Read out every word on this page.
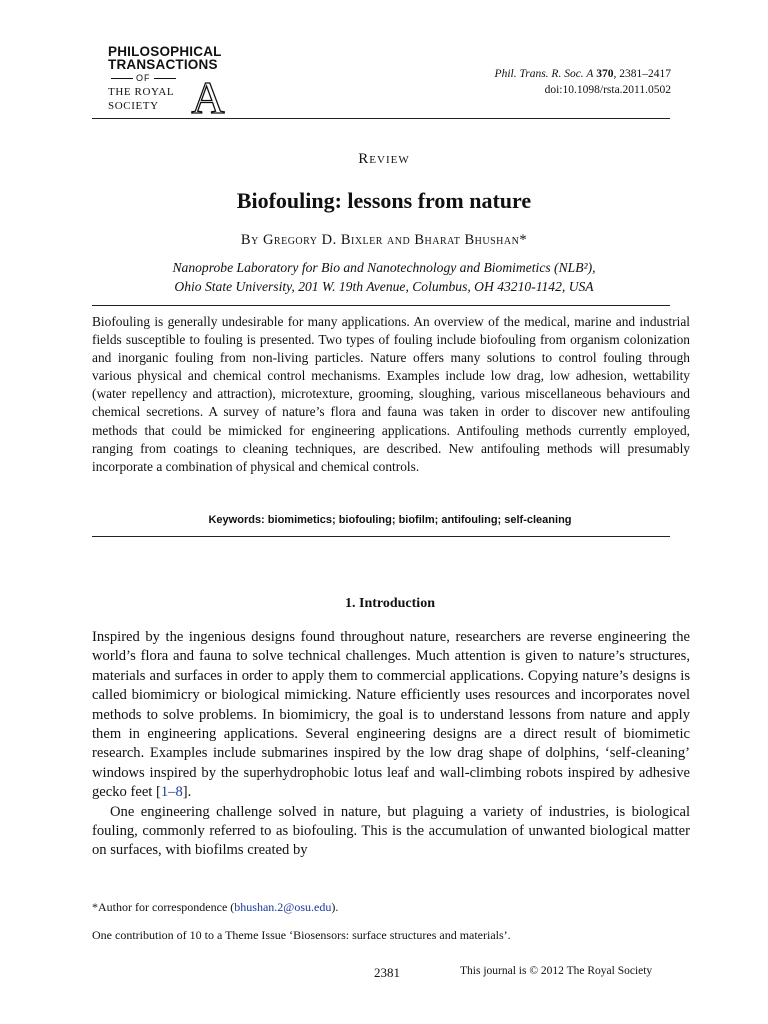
PHILOSOPHICAL
TRANSACTIONS
OF
THE ROYAL
SOCIETY A	Phil. Trans. R. Soc. A 370, 2381–2417
doi:10.1098/rsta.2011.0502
Review
Biofouling: lessons from nature
By Gregory D. Bixler and Bharat Bhushan*
Nanoprobe Laboratory for Bio and Nanotechnology and Biomimetics (NLB²),
Ohio State University, 201 W. 19th Avenue, Columbus, OH 43210-1142, USA
Biofouling is generally undesirable for many applications. An overview of the medical, marine and industrial fields susceptible to fouling is presented. Two types of fouling include biofouling from organism colonization and inorganic fouling from non-living particles. Nature offers many solutions to control fouling through various physical and chemical control mechanisms. Examples include low drag, low adhesion, wettability (water repellency and attraction), microtexture, grooming, sloughing, various miscellaneous behaviours and chemical secretions. A survey of nature’s flora and fauna was taken in order to discover new antifouling methods that could be mimicked for engineering applications. Antifouling methods currently employed, ranging from coatings to cleaning techniques, are described. New antifouling methods will presumably incorporate a combination of physical and chemical controls.
Keywords: biomimetics; biofouling; biofilm; antifouling; self-cleaning
1. Introduction

Inspired by the ingenious designs found throughout nature, researchers are reverse engineering the world’s flora and fauna to solve technical challenges. Much attention is given to nature’s structures, materials and surfaces in order to apply them to commercial applications. Copying nature’s designs is called biomimicry or biological mimicking. Nature efficiently uses resources and incorporates novel methods to solve problems. In biomimicry, the goal is to understand lessons from nature and apply them in engineering applications. Several engineering designs are a direct result of biomimetic research. Examples include submarines inspired by the low drag shape of dolphins, ‘self-cleaning’ windows inspired by the superhydrophobic lotus leaf and wall-climbing robots inspired by adhesive gecko feet [1–8].

One engineering challenge solved in nature, but plaguing a variety of industries, is biological fouling, commonly referred to as biofouling. This is the accumulation of unwanted biological matter on surfaces, with biofilms created by

*Author for correspondence (bhushan.2@osu.edu).
One contribution of 10 to a Theme Issue ‘Biosensors: surface structures and materials’.
2381	This journal is © 2012 The Royal Society
